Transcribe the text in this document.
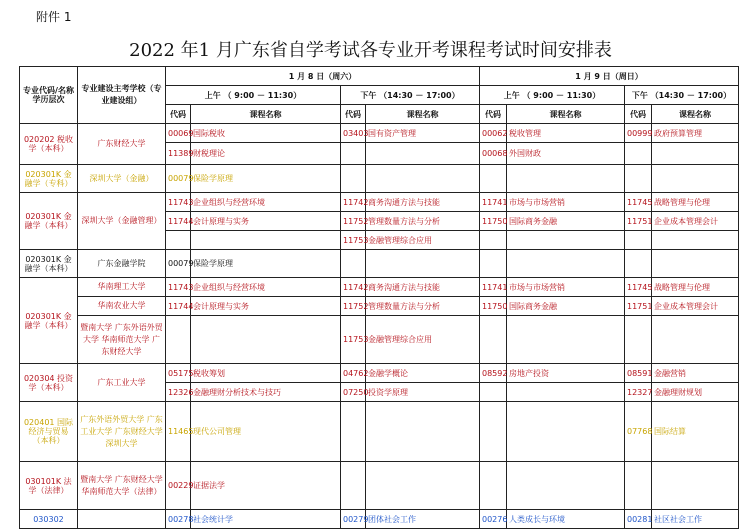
附件 1
2022 年1 月广东省自学考试各专业开考课程考试时间安排表
专业代码/名称学历层次	专业建设主考学校（专业建设组）	1 月 8 日（周六）				1 月 9 日（周日）			
		上午 （ 9:00 － 11:30）		下午 （14:30 － 17:00）		上午 （ 9:00 － 11:30）		下午 （14:30 － 17:00）	
		代码	课程名称	代码	课程名称	代码	课程名称	代码	课程名称
020202 税收学（本科）	广东财经大学	00069	国际税收	03403	国有资产管理	00062	税收管理	00999	政府预算管理
		11389	财税理论			00068	外国财政		
020301K 金融学（专科）	深圳大学（金融）	00079	保险学原理						
020301K 金融学（本科）	深圳大学（金融管理）	11743	企业组织与经营环境	11742	商务沟通方法与技能	11741	市场与市场营销	11745	战略管理与伦理
		11744	会计原理与实务	11752	管理数量方法与分析	11750	国际商务金融	11751	企业成本管理会计
				11753	金融管理综合应用				
020301K 金融学（本科）	广东金融学院	00079	保险学原理						
020301K 金融学（本科）	华南理工大学	11743	企业组织与经营环境	11742	商务沟通方法与技能	11741	市场与市场营销	11745	战略管理与伦理
	华南农业大学	11744	会计原理与实务	11752	管理数量方法与分析	11750	国际商务金融	11751	企业成本管理会计
	暨南大学 广东外语外贸大学 华南师范大学 广东财经大学			11753	金融管理综合应用				
020304 投资学（本科）	广东工业大学	05175	税收筹划	04762	金融学概论	08592	房地产投资	08591	金融营销
		12326	金融理财分析技术与技巧	07250	投资学原理			12327	金融理财规划
020401 国际经济与贸易（本科）	广东外语外贸大学 广东工业大学 广东财经大学 深圳大学	11465	现代公司管理					07768	国际结算
030101K 法学（法律）	暨南大学 广东财经大学 华南师范大学（法律）	00229	证据法学						
030302		00278	社会统计学	00279	团体社会工作	00276	人类成长与环境	00281	社区社会工作
